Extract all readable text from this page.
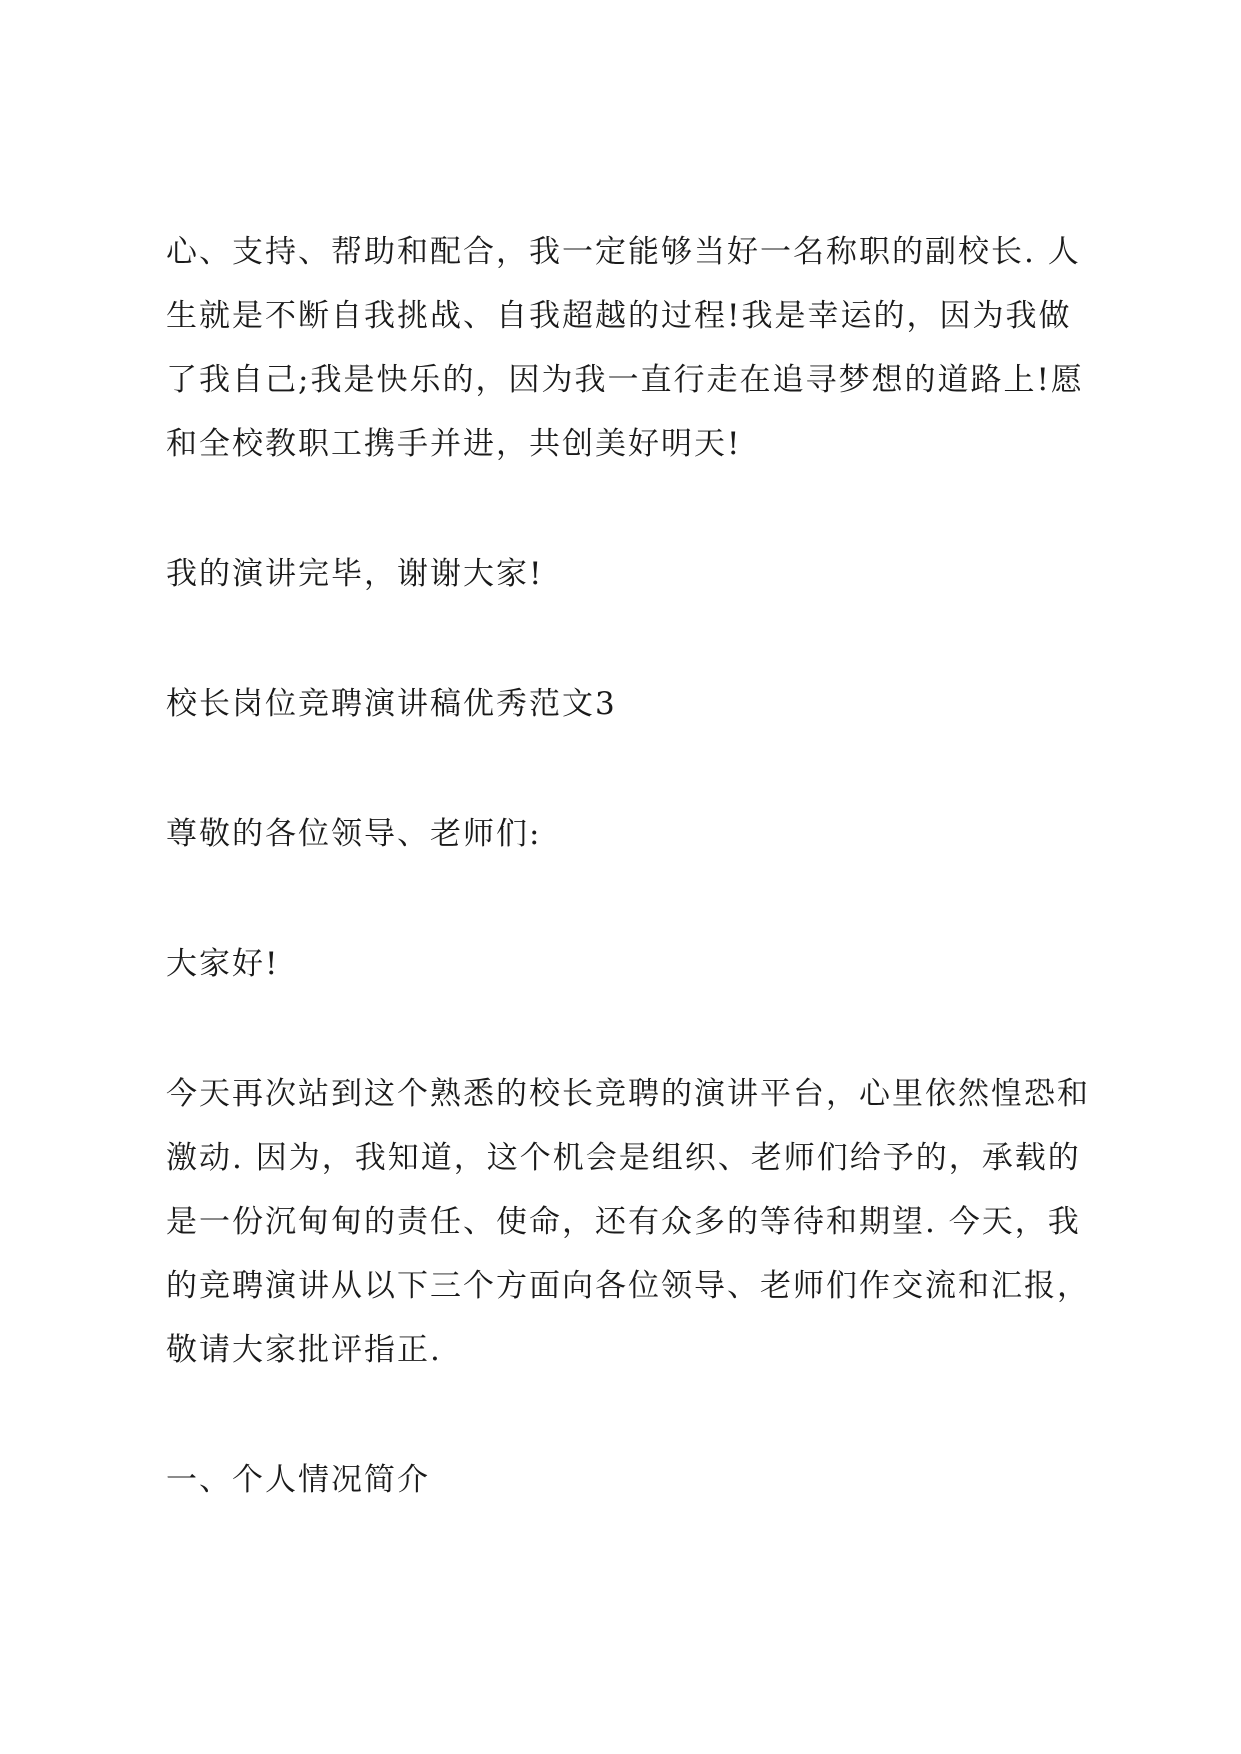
心、支持、帮助和配合，我一定能够当好一名称职的副校长. 人
生就是不断自我挑战、自我超越的过程!我是幸运的，因为我做
了我自己;我是快乐的，因为我一直行走在追寻梦想的道路上!愿
和全校教职工携手并进，共创美好明天!
我的演讲完毕，谢谢大家!
校长岗位竞聘演讲稿优秀范文3
尊敬的各位领导、老师们:
大家好!
今天再次站到这个熟悉的校长竞聘的演讲平台，心里依然惶恐和
激动. 因为，我知道，这个机会是组织、老师们给予的，承载的
是一份沉甸甸的责任、使命，还有众多的等待和期望. 今天，我
的竞聘演讲从以下三个方面向各位领导、老师们作交流和汇报，
敬请大家批评指正.
一、个人情况简介
